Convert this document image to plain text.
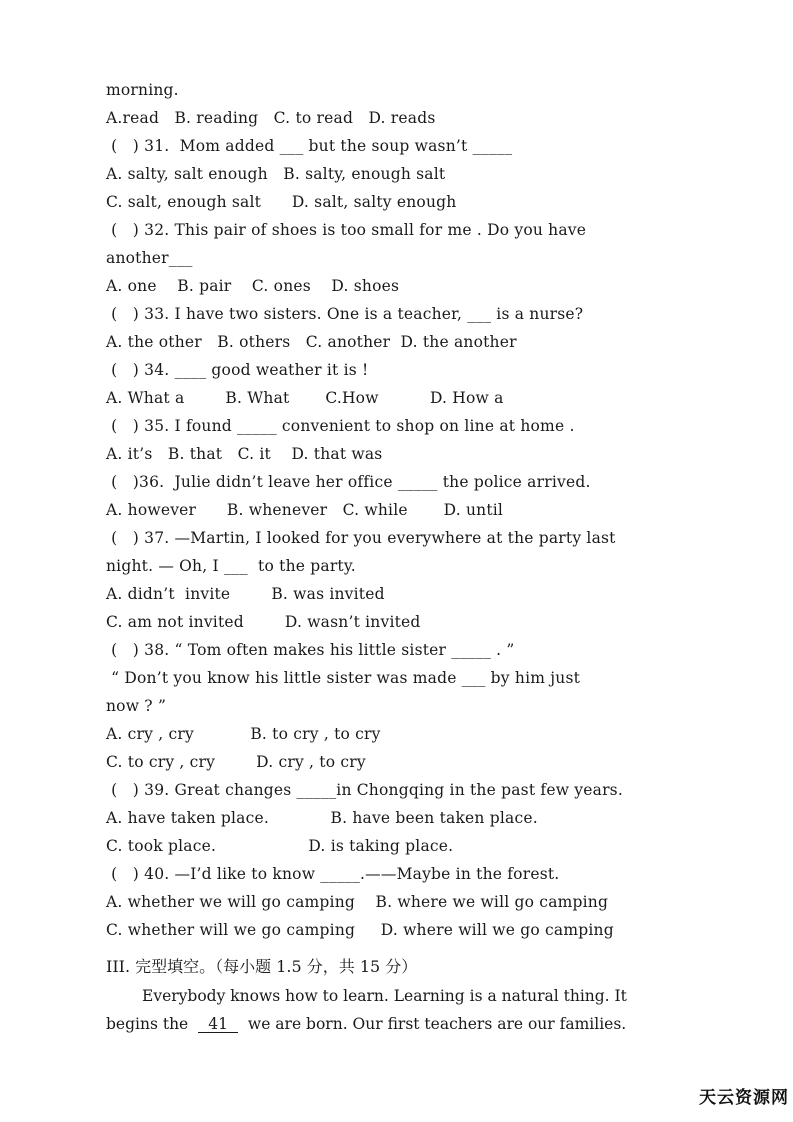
morning.
A.read   B. reading   C. to read   D. reads
(   ) 31.  Mom added ___ but the soup wasn’t _____
A. salty, salt enough   B. salty, enough salt
C. salt, enough salt      D. salt, salty enough
(   ) 32. This pair of shoes is too small for me . Do you have
another___
A. one    B. pair    C. ones    D. shoes
(   ) 33. I have two sisters. One is a teacher, ___ is a nurse?
A. the other   B. others   C. another  D. the another
(   ) 34. ____ good weather it is !
A. What a        B. What       C.How          D. How a
(   ) 35. I found _____ convenient to shop on line at home .
A. it’s   B. that   C. it    D. that was
(   )36.  Julie didn’t leave her office _____ the police arrived.
A. however      B. whenever   C. while       D. until
(   ) 37. —Martin, I looked for you everywhere at the party last
night. — Oh, I ___  to the party.
A. didn’t  invite        B. was invited
C. am not invited        D. wasn’t invited
(   ) 38. “ Tom often makes his little sister _____ . ”
“ Don’t you know his little sister was made ___ by him just
now ? ”
A. cry , cry           B. to cry , to cry
C. to cry , cry        D. cry , to cry
(   ) 39. Great changes _____in Chongqing in the past few years.
A. have taken place.            B. have been taken place.
C. took place.                  D. is taking place.
(   ) 40. —I’d like to know _____.——Maybe in the forest.
A. whether we will go camping    B. where we will go camping
C. whether will we go camping     D. where will we go camping
III. 完型填空。（每小题 1.5 分，共 15 分）
Everybody knows how to learn. Learning is a natural thing. It
begins the  41  we are born. Our first teachers are our families.
天云资源网
